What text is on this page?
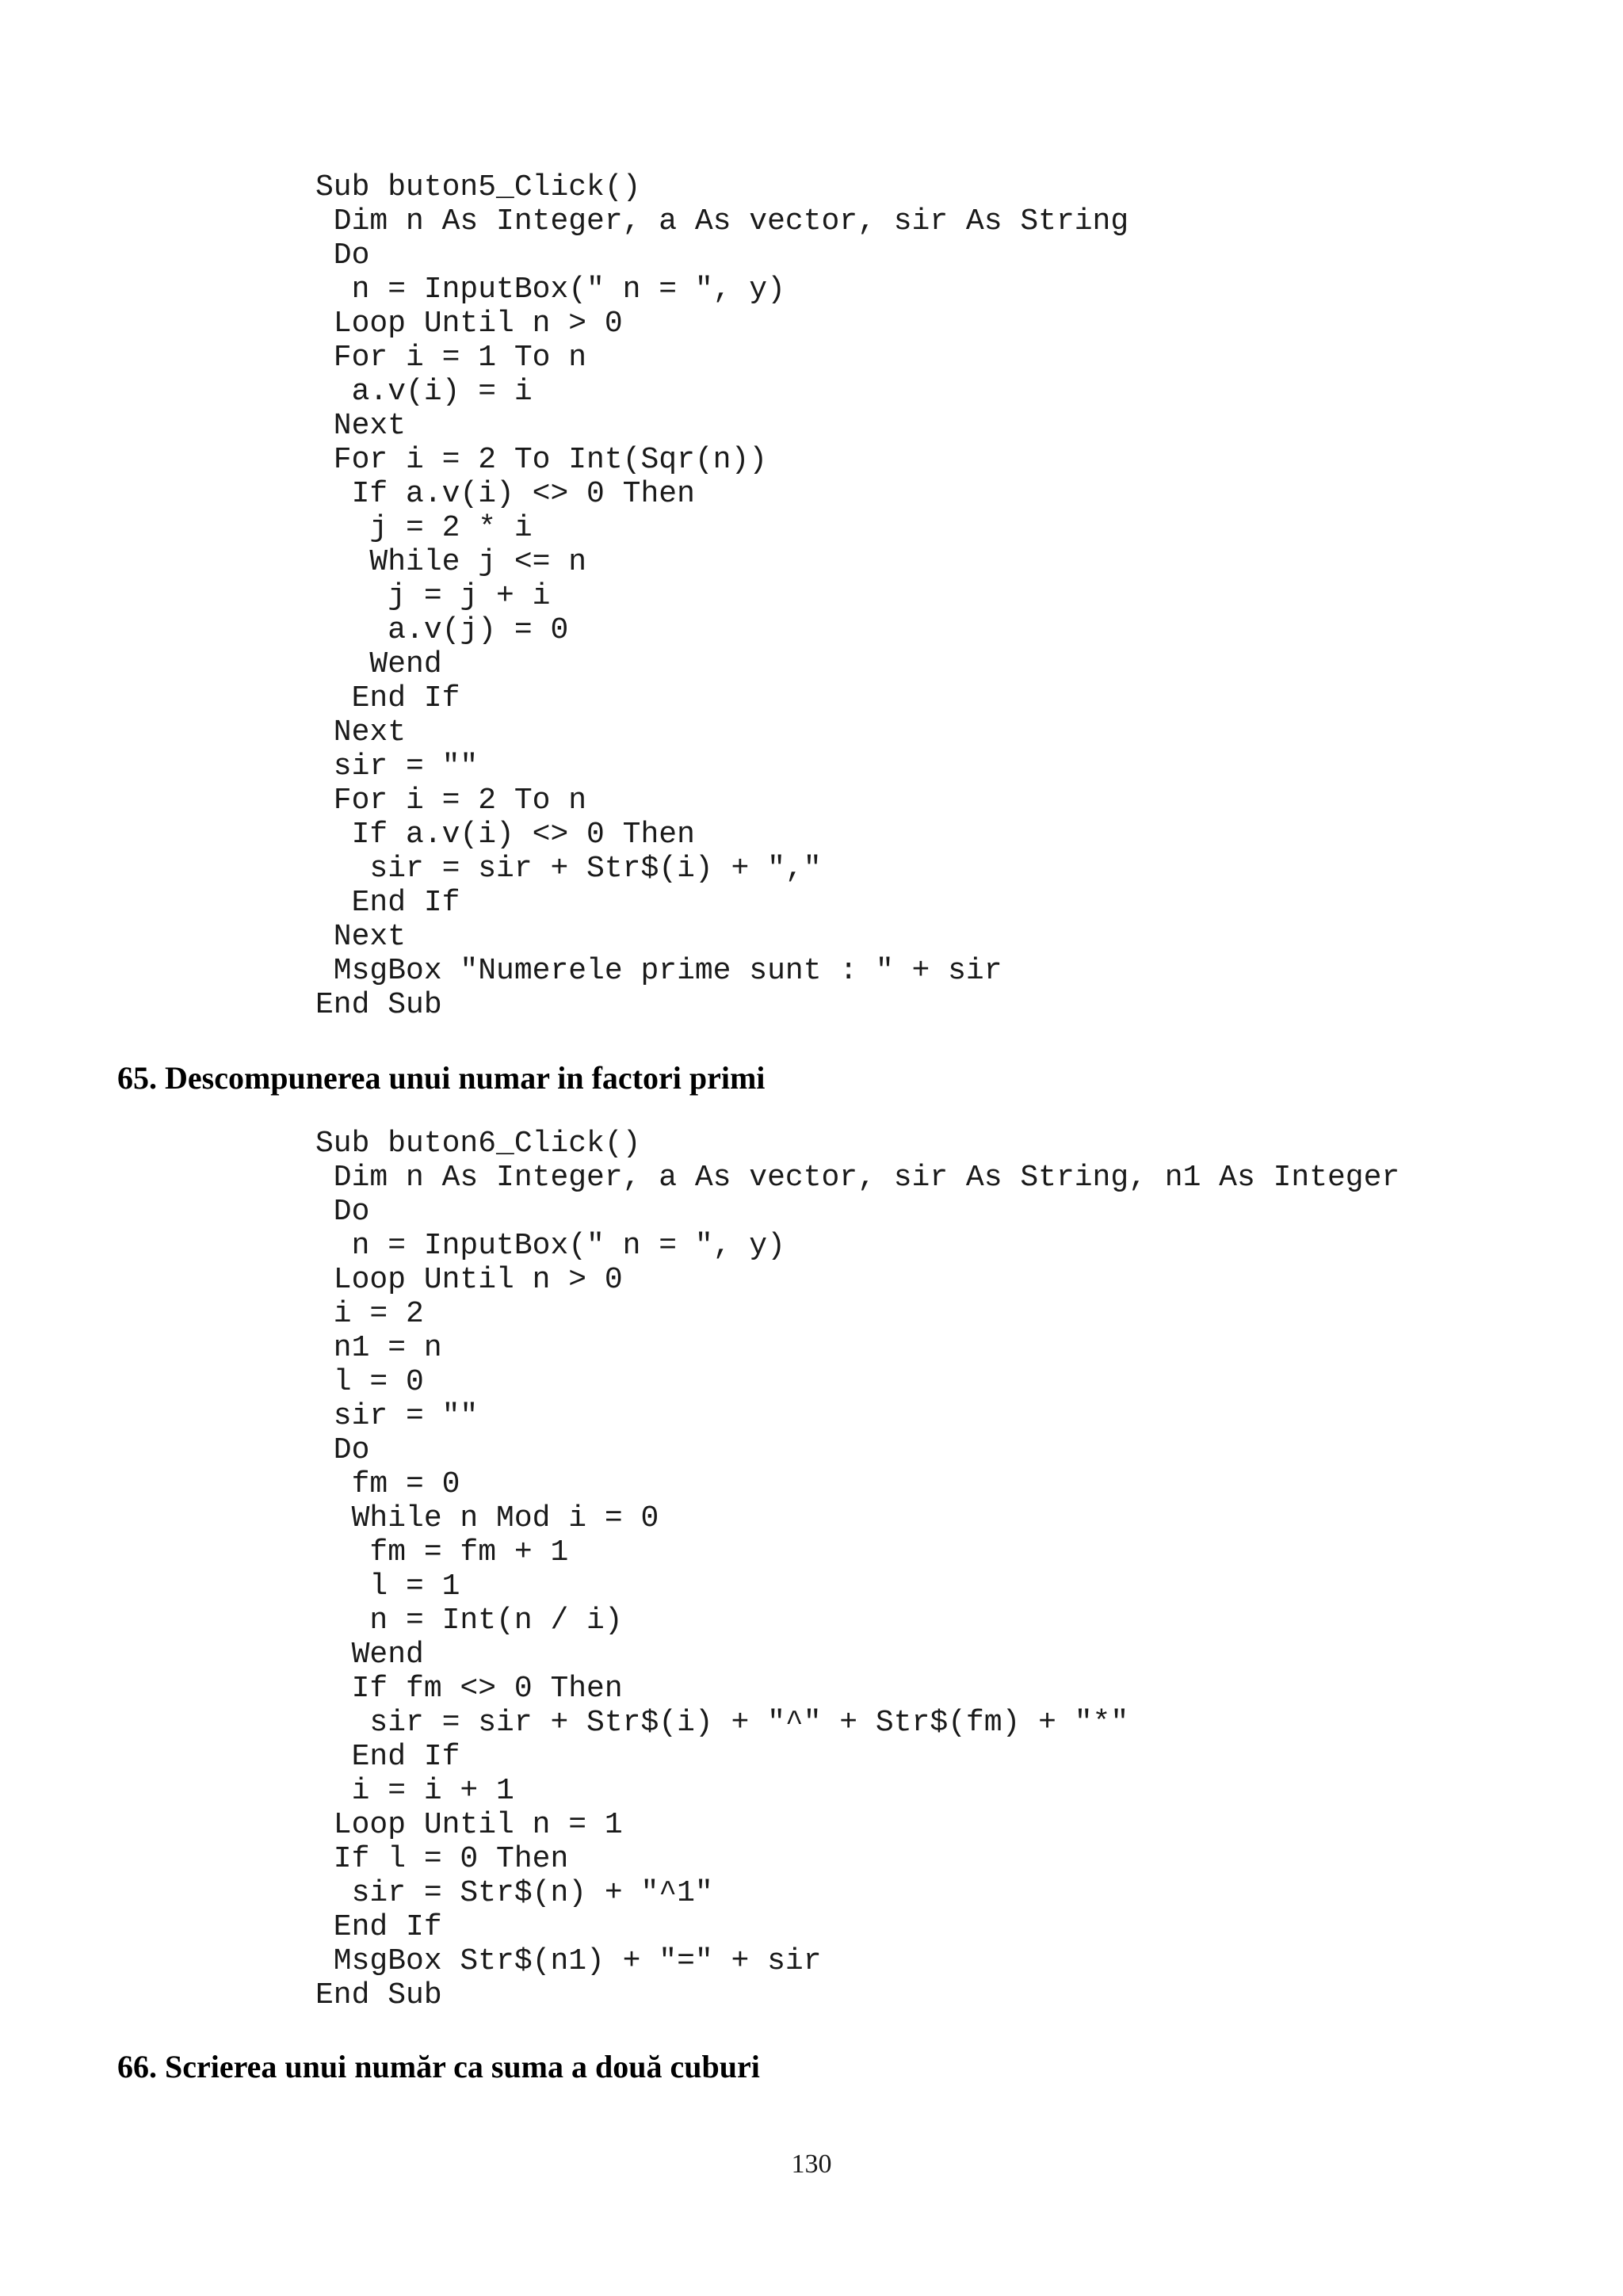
Sub buton5_Click()
Dim n As Integer, a As vector, sir As String
Do
n = InputBox(" n = ", y)
Loop Until n > 0
For i = 1 To n
a.v(i) = i
Next
For i = 2 To Int(Sqr(n))
If a.v(i) <> 0 Then
j = 2 * i
While j <= n
j = j + i
a.v(j) = 0
Wend
End If
Next
sir = ""
For i = 2 To n
If a.v(i) <> 0 Then
sir = sir + Str$(i) + ","
End If
Next
MsgBox "Numerele prime sunt : " + sir
End Sub
65. Descompunerea unui numar in factori primi
Sub buton6_Click()
Dim n As Integer, a As vector, sir As String, n1 As Integer
Do
n = InputBox(" n = ", y)
Loop Until n > 0
i = 2
n1 = n
l = 0
sir = ""
Do
fm = 0
While n Mod i = 0
fm = fm + 1
l = 1
n = Int(n / i)
Wend
If fm <> 0 Then
sir = sir + Str$(i) + "^" + Str$(fm) + "*"
End If
i = i + 1
Loop Until n = 1
If l = 0 Then
sir = Str$(n) + "^1"
End If
MsgBox Str$(n1) + "=" + sir
End Sub
66. Scrierea unui număr ca suma a două cuburi
130
